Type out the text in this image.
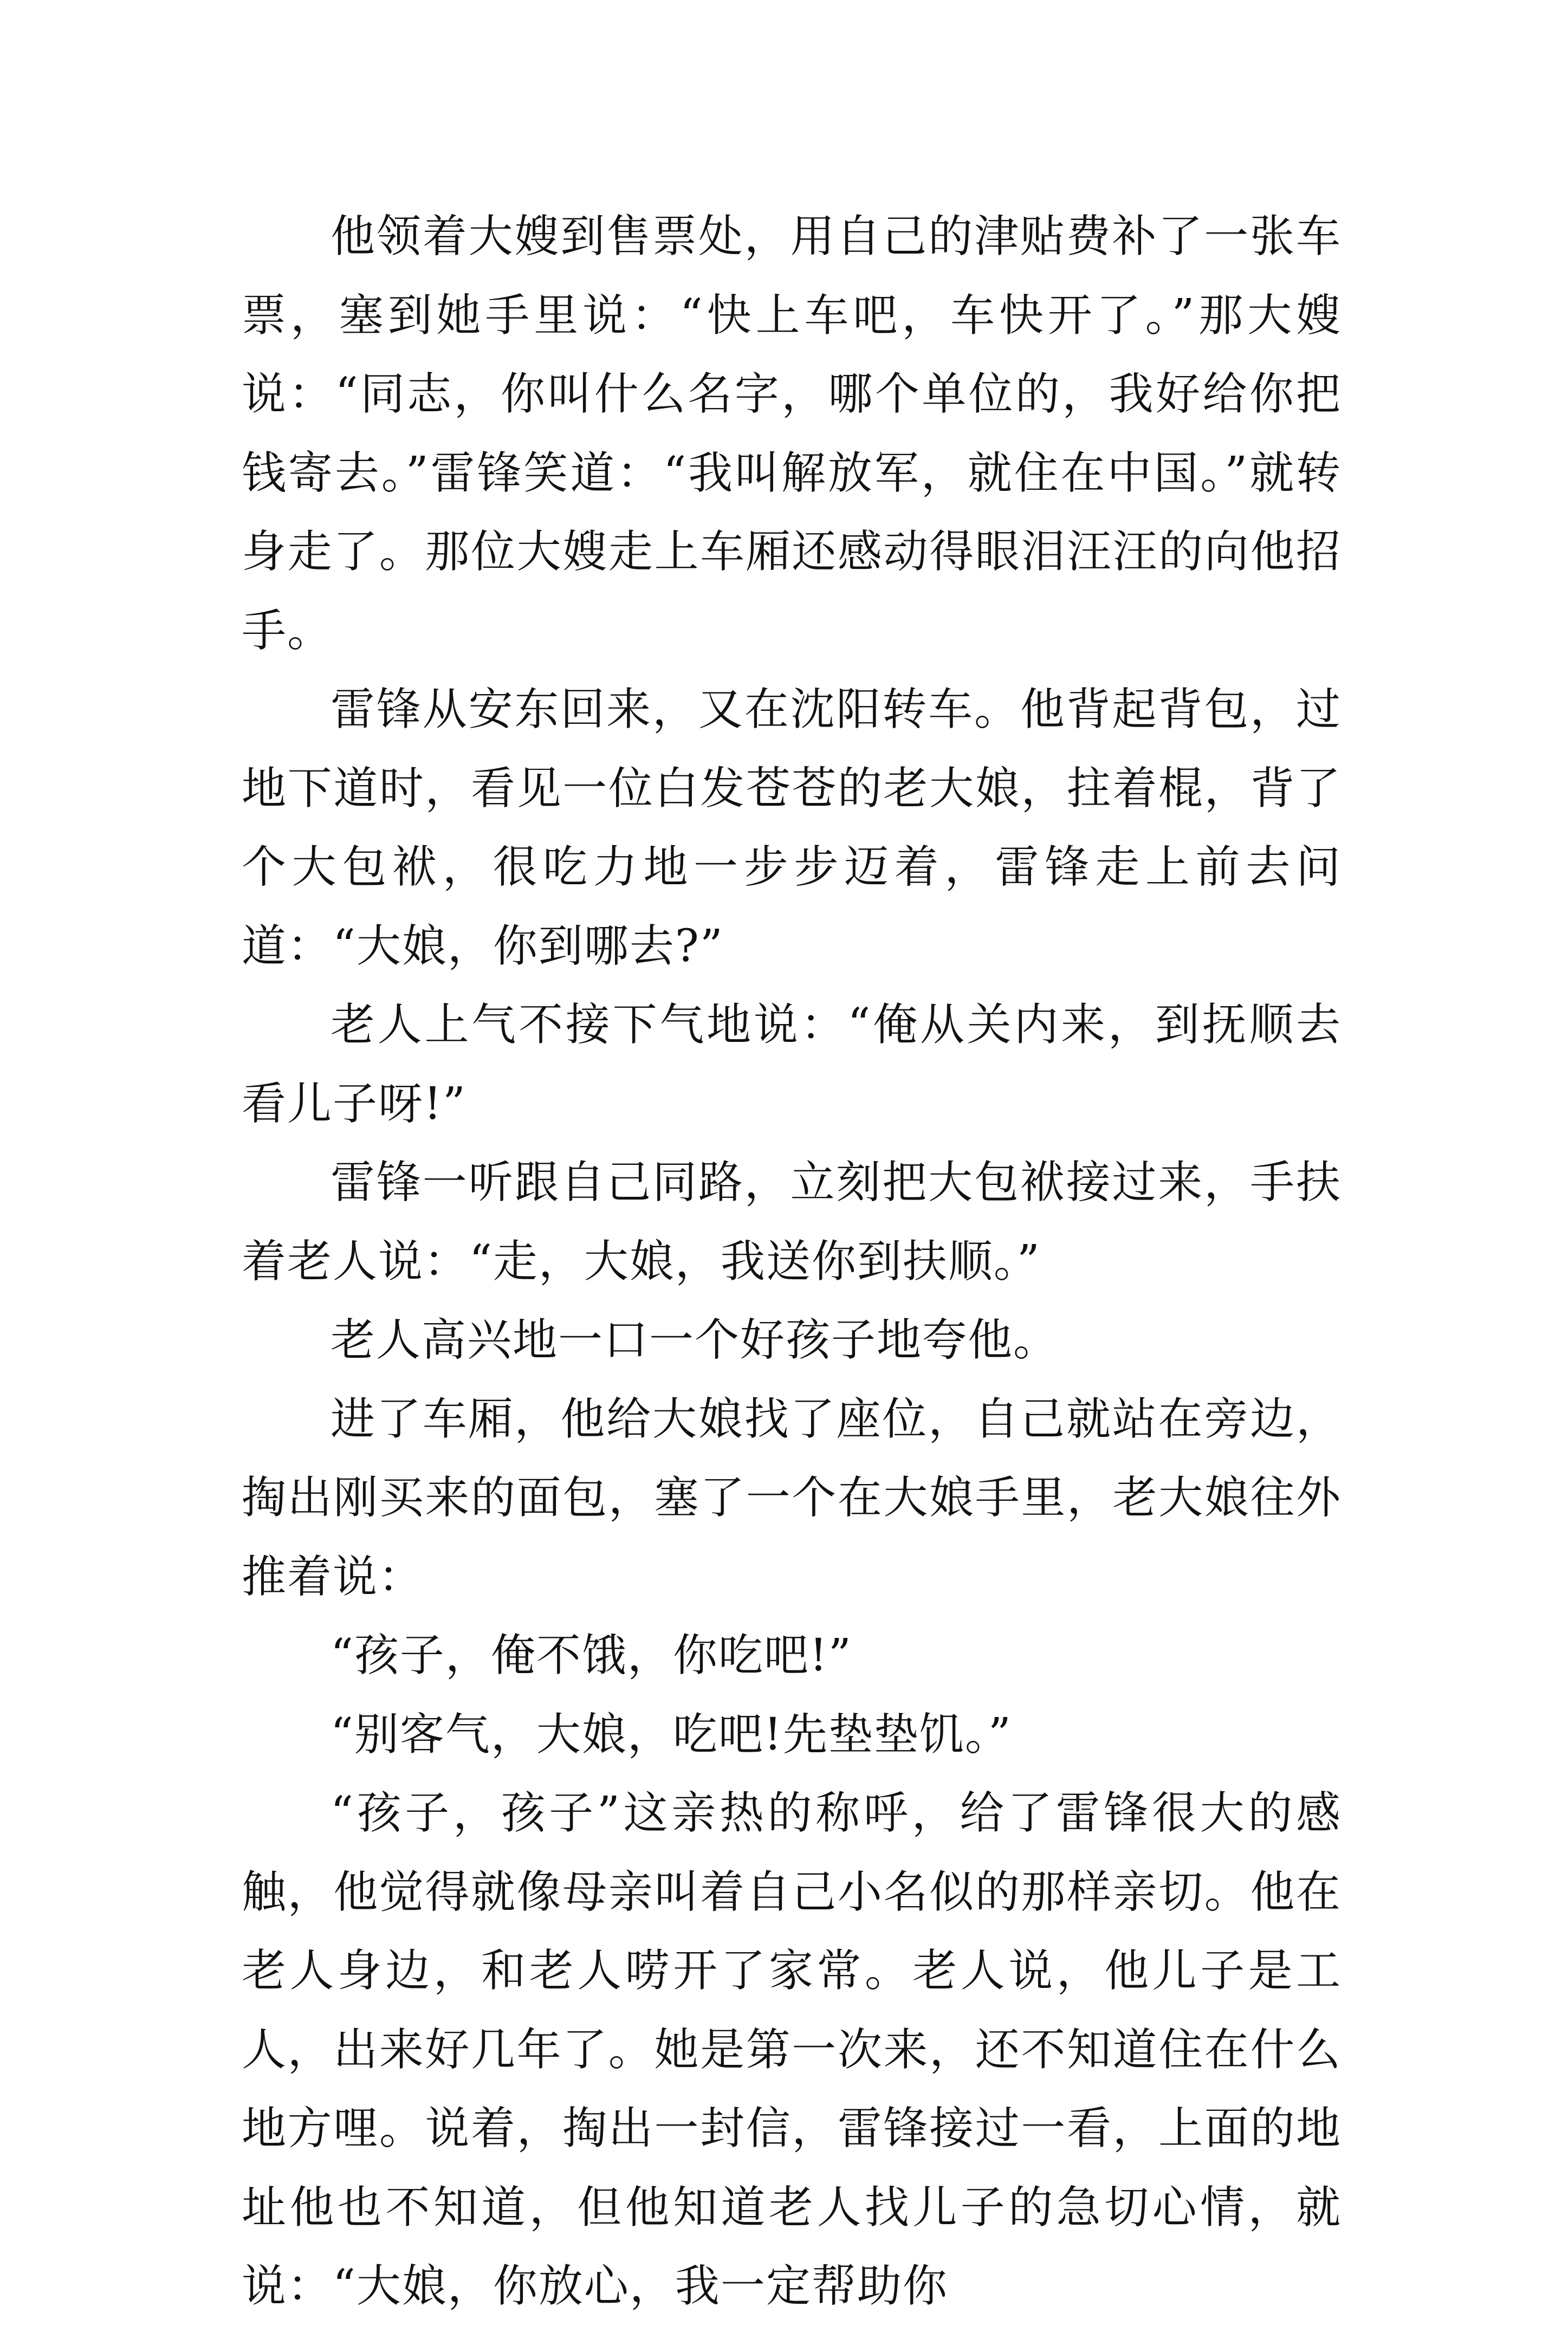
他领着大嫂到售票处，用自己的津贴费补了一张车票，塞到她手里说：“快上车吧，车快开了。”那大嫂说：“同志，你叫什么名字，哪个单位的，我好给你把钱寄去。”雷锋笑道：“我叫解放军，就住在中国。”就转身走了。那位大嫂走上车厢还感动得眼泪汪汪的向他招手。

雷锋从安东回来，又在沈阳转车。他背起背包，过地下道时，看见一位白发苍苍的老大娘，拄着棍，背了个大包袱，很吃力地一步步迈着，雷锋走上前去问道：“大娘，你到哪去?”

老人上气不接下气地说：“俺从关内来，到抚顺去看儿子呀!”

雷锋一听跟自己同路，立刻把大包袱接过来，手扶着老人说：“走，大娘，我送你到扶顺。”

老人高兴地一口一个好孩子地夸他。

进了车厢，他给大娘找了座位，自己就站在旁边，掏出刚买来的面包，塞了一个在大娘手里，老大娘往外推着说：

“孩子，俺不饿，你吃吧!”

“别客气，大娘，吃吧!先垫垫饥。”

“孩子，孩子”这亲热的称呼，给了雷锋很大的感触，他觉得就像母亲叫着自己小名似的那样亲切。他在老人身边，和老人唠开了家常。老人说，他儿子是工人，出来好几年了。她是第一次来，还不知道住在什么地方哩。说着，掏出一封信，雷锋接过一看，上面的地址他也不知道，但他知道老人找儿子的急切心情，就说：“大娘，你放心，我一定帮助你
